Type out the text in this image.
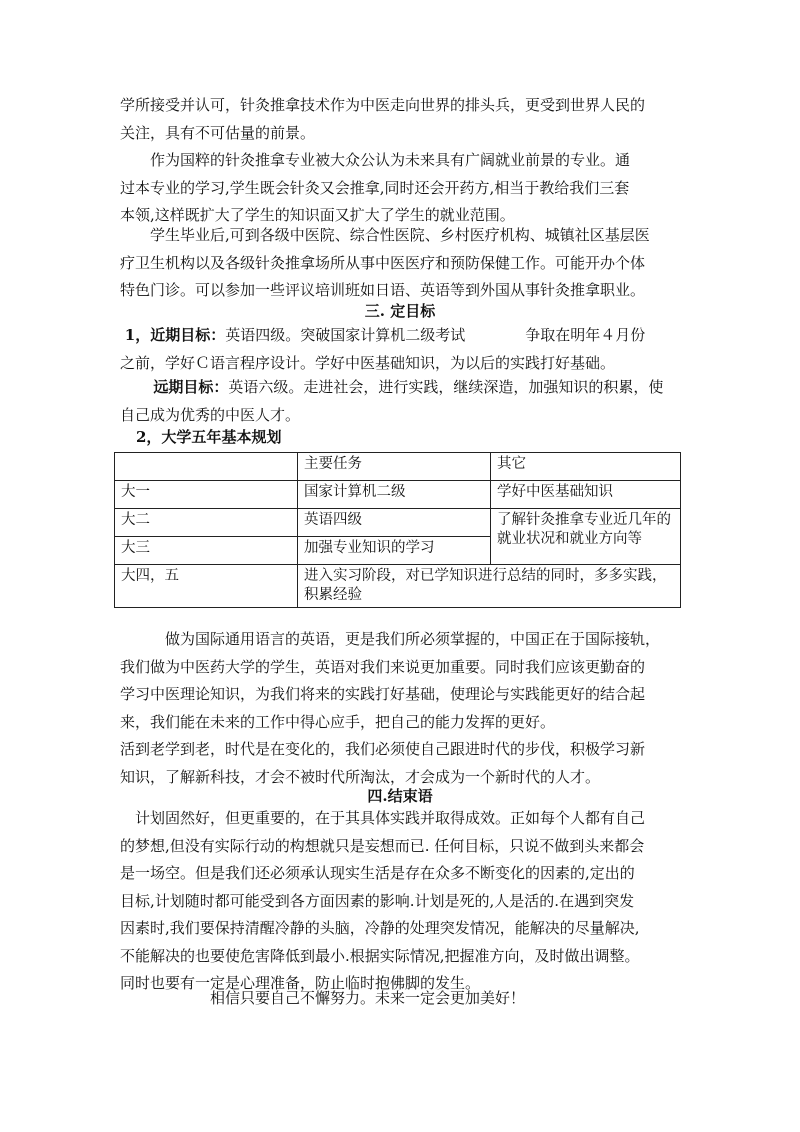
学所接受并认可，针灸推拿技术作为中医走向世界的排头兵，更受到世界人民的
关注，具有不可估量的前景。

　　作为国粹的针灸推拿专业被大众公认为未来具有广阔就业前景的专业。通
过本专业的学习,学生既会针灸又会推拿,同时还会开药方,相当于教给我们三套
本领,这样既扩大了学生的知识面又扩大了学生的就业范围。

　　学生毕业后,可到各级中医院、综合性医院、乡村医疗机构、城镇社区基层医
疗卫生机构以及各级针灸推拿场所从事中医医疗和预防保健工作。可能开办个体
特色门诊。可以参加一些评议培训班如日语、英语等到外国从事针灸推拿职业。

三. 定目标

1，近期目标：英语四级。突破国家计算机二级考试　　　　争取在明年４月份
之前，学好Ｃ语言程序设计。学好中医基础知识，为以后的实践打好基础。

远期目标：英语六级。走进社会，进行实践，继续深造，加强知识的积累，使
自己成为优秀的中医人才。

2，大学五年基本规划

	主要任务	其它
大一	国家计算机二级	学好中医基础知识
大二	英语四级	了解针灸推拿专业近几年的就业状况和就业方向等
大三	加强专业知识的学习	
大四，五	进入实习阶段，对已学知识进行总结的同时，多多实践，积累经验	

　　　做为国际通用语言的英语，更是我们所必须掌握的，中国正在于国际接轨，
我们做为中医药大学的学生，英语对我们来说更加重要。同时我们应该更勤奋的
学习中医理论知识，为我们将来的实践打好基础，使理论与实践能更好的结合起
来，我们能在未来的工作中得心应手，把自己的能力发挥的更好。
活到老学到老，时代是在变化的，我们必须使自己跟进时代的步伐，积极学习新
知识，了解新科技，才会不被时代所淘汰，才会成为一个新时代的人才。

四.结束语

　计划固然好，但更重要的，在于其具体实践并取得成效。正如每个人都有自己
的梦想,但没有实际行动的构想就只是妄想而已. 任何目标，只说不做到头来都会
是一场空。但是我们还必须承认现实生活是存在众多不断变化的因素的,定出的
目标,计划随时都可能受到各方面因素的影响.计划是死的,人是活的.在遇到突发
因素时,我们要保持清醒冷静的头脑，冷静的处理突发情况，能解决的尽量解决,
不能解决的也要使危害降低到最小.根据实际情况,把握准方向，及时做出调整。
同时也要有一定是心理准备，防止临时抱佛脚的发生。

　　　　　　相信只要自己不懈努力。未来一定会更加美好！
